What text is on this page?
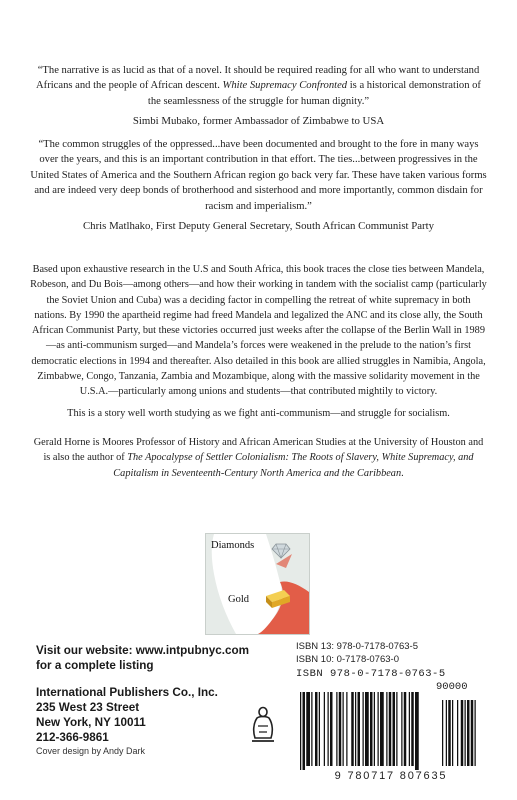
“The narrative is as lucid as that of a novel. It should be required reading for all who want to understand Africans and the people of African descent. White Supremacy Confronted is a historical demonstration of the seamlessness of the struggle for human dignity.”

Simbi Mubako, former Ambassador of Zimbabwe to USA

“The common struggles of the oppressed...have been documented and brought to the fore in many ways over the years, and this is an important contribution in that effort. The ties...between progressives in the United States of America and the Southern African region go back very far. These have taken various forms and are indeed very deep bonds of brotherhood and sisterhood and more importantly, common disdain for racism and imperialism.”

Chris Matlhako, First Deputy General Secretary, South African Communist Party

Based upon exhaustive research in the U.S and South Africa, this book traces the close ties between Mandela, Robeson, and Du Bois—among others—and how their working in tandem with the socialist camp (particularly the Soviet Union and Cuba) was a deciding factor in compelling the retreat of white supremacy in both nations. By 1990 the apartheid regime had freed Mandela and legalized the ANC and its close ally, the South African Communist Party, but these victories occurred just weeks after the collapse of the Berlin Wall in 1989—as anti-communism surged—and Mandela’s forces were weakened in the prelude to the nation’s first democratic elections in 1994 and thereafter. Also detailed in this book are allied struggles in Namibia, Angola, Zimbabwe, Congo, Tanzania, Zambia and Mozambique, along with the massive solidarity movement in the U.S.A.—particularly among unions and students—that contributed mightily to victory.

This is a story well worth studying as we fight anti-communism—and struggle for socialism.

Gerald Horne is Moores Professor of History and African American Studies at the University of Houston and is also the author of The Apocalypse of Settler Colonialism: The Roots of Slavery, White Supremacy, and Capitalism in Seventeenth-Century North America and the Caribbean.

Diamonds
Gold
Visit our website: www.intpubnyc.com
for a complete listing
International Publishers Co., Inc.
235 West 23 Street
New York, NY 10011
212-366-9861
Cover design by Andy Dark
ISBN 13: 978-0-7178-0763-5
ISBN 10: 0-7178-0763-0
ISBN 978-0-7178-0763-5
90000
9 780717 807635
